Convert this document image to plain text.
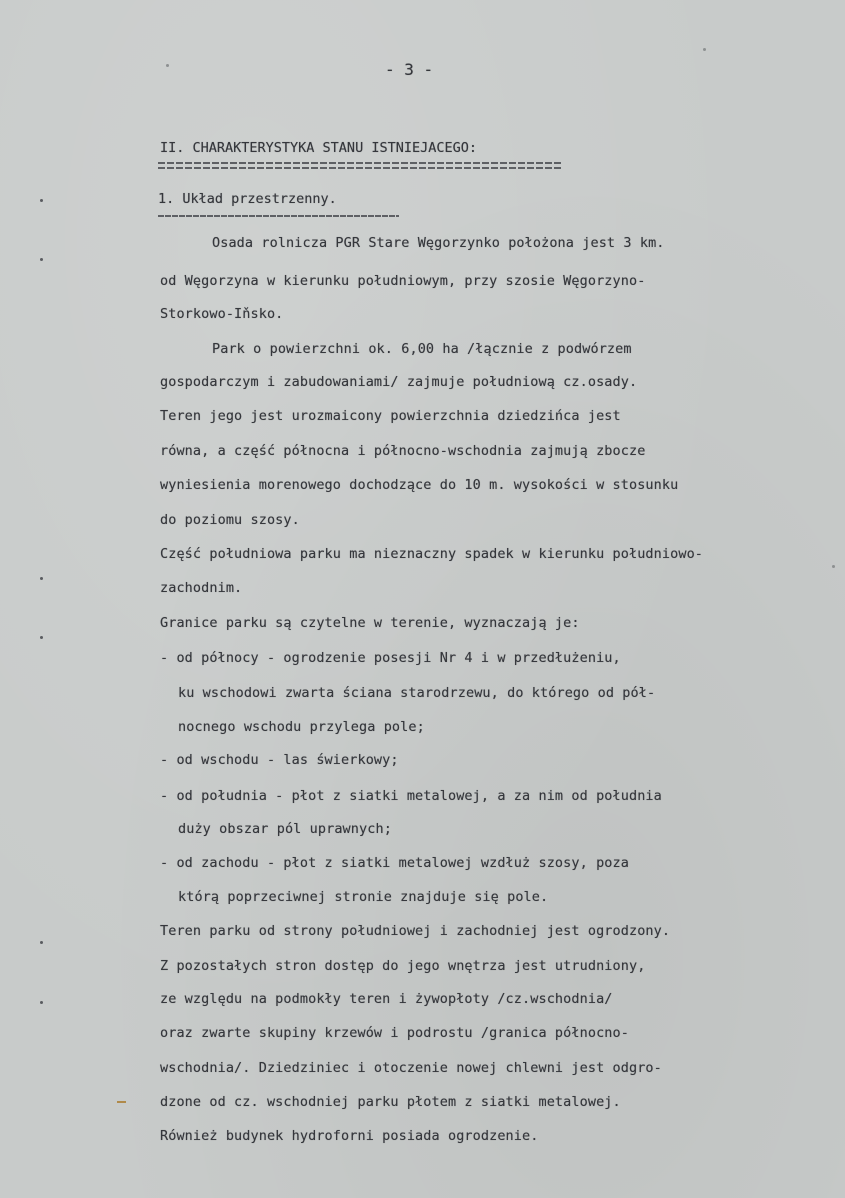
- 3 -
II. CHARAKTERYSTYKA STANU ISTNIEJACEGO:
1. Układ przestrzenny.
Osada rolnicza PGR Stare Węgorzynko położona jest 3 km.
od Węgorzyna w kierunku południowym, przy szosie Węgorzyno-
Storkowo-Iňsko.
Park o powierzchni ok. 6,00 ha /łącznie z podwórzem
gospodarczym i zabudowaniami/ zajmuje południową cz.osady.
Teren jego jest urozmaicony powierzchnia dziedzińca jest
równa, a część północna i północno-wschodnia zajmują zbocze
wyniesienia morenowego dochodzące do 10 m. wysokości w stosunku
do poziomu szosy.
Część południowa parku ma nieznaczny spadek w kierunku południowo-
zachodnim.
Granice parku są czytelne w terenie, wyznaczają je:
- od północy - ogrodzenie posesji Nr 4 i w przedłużeniu,
ku wschodowi zwarta ściana starodrzewu, do którego od pół-
nocnego wschodu przylega pole;
- od wschodu - las świerkowy;
- od południa - płot z siatki metalowej, a za nim od południa
duży obszar pól uprawnych;
- od zachodu - płot z siatki metalowej wzdłuż szosy, poza
którą poprzeciwnej stronie znajduje się pole.
Teren parku od strony południowej i zachodniej jest ogrodzony.
Z pozostałych stron dostęp do jego wnętrza jest utrudniony,
ze względu na podmokły teren i żywopłoty /cz.wschodnia/
oraz zwarte skupiny krzewów i podrostu /granica północno-
wschodnia/. Dziedziniec i otoczenie nowej chlewni jest odgro-
dzone od cz. wschodniej parku płotem z siatki metalowej.
Również budynek hydroforni posiada ogrodzenie.
